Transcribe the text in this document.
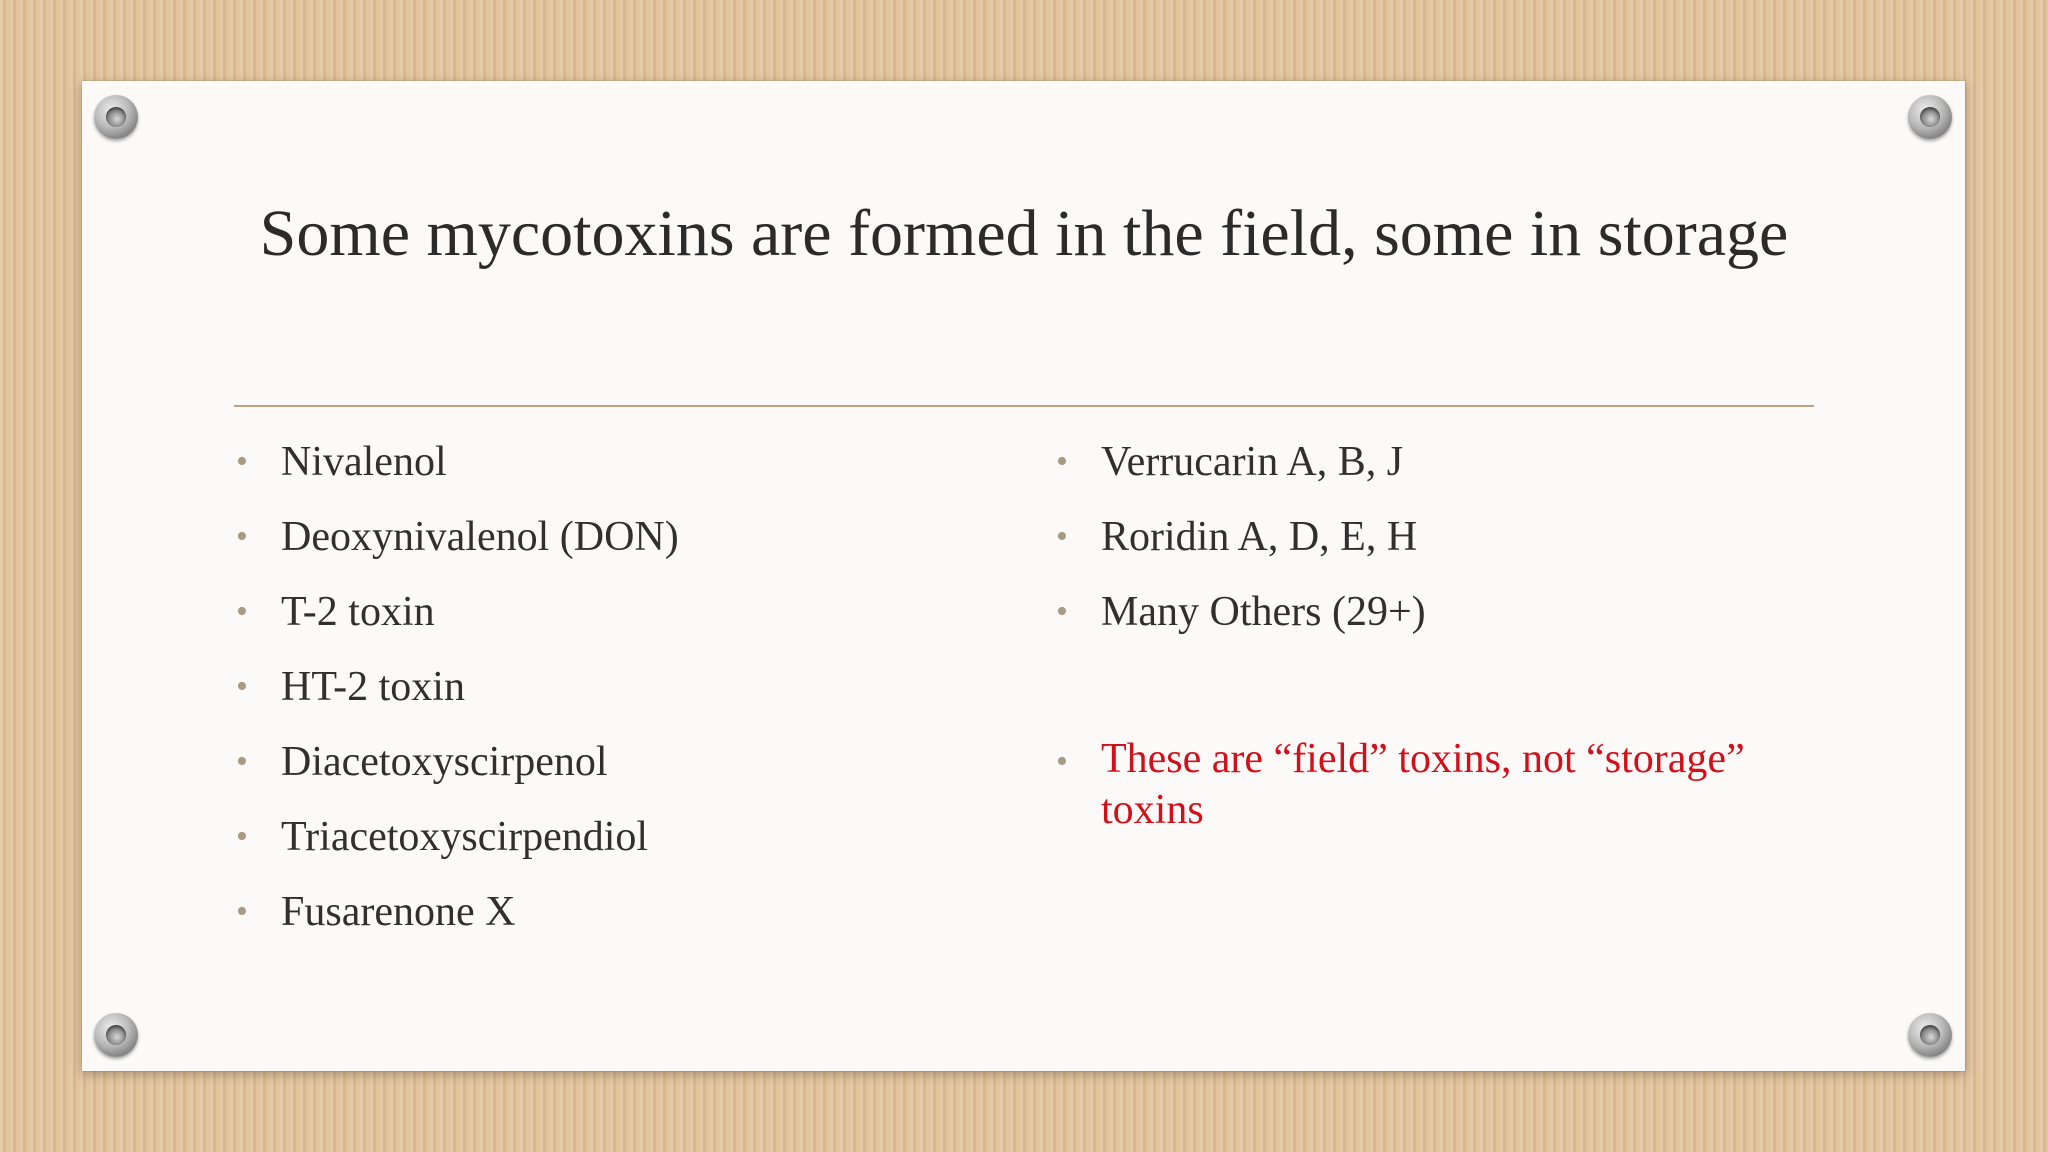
Some mycotoxins are formed in the field, some in storage
• Nivalenol
• Deoxynivalenol (DON)
• T-2 toxin
• HT-2 toxin
• Diacetoxyscirpenol
• Triacetoxyscirpendiol
• Fusarenone X
• Verrucarin A, B, J
• Roridin A, D, E, H
• Many Others (29+)
• These are “field” toxins, not “storage” toxins
